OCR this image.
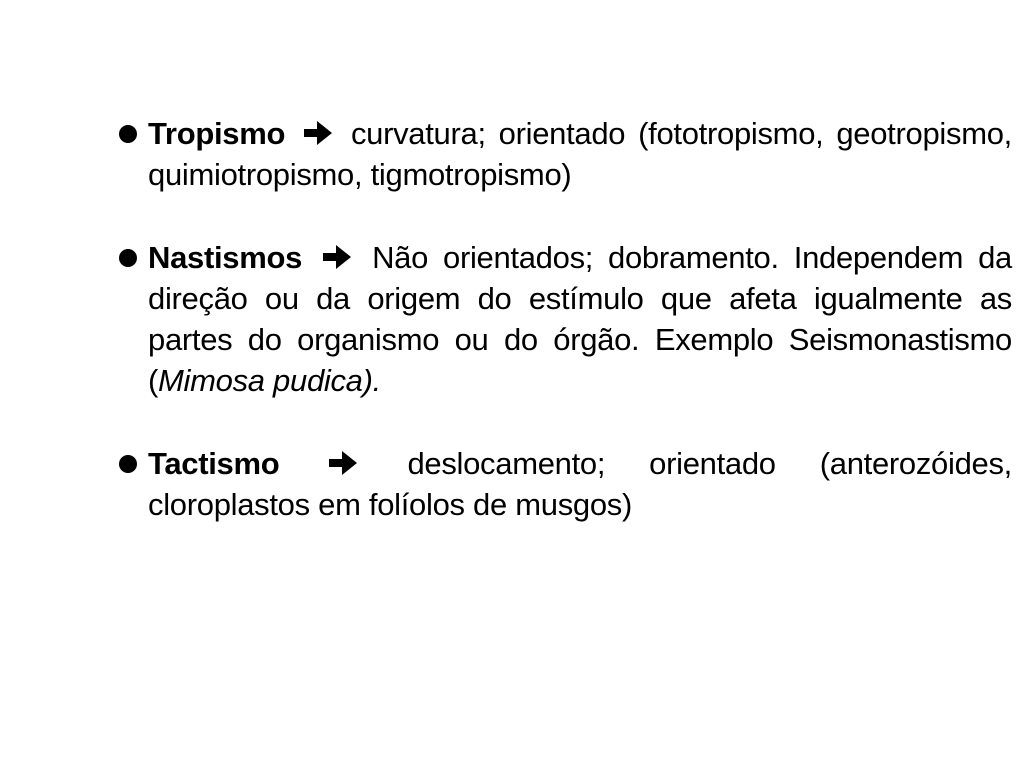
Tropismo curvatura; orientado (fototropismo, geotropismo, quimiotropismo, tigmotropismo)
Nastismos Não orientados; dobramento. Independem da direção ou da origem do estímulo que afeta igualmente as partes do organismo ou do órgão. Exemplo Seismonastismo (Mimosa pudica).
Tactismo	deslocamento; orientado (anterozóides, cloroplastos em folíolos de musgos)
